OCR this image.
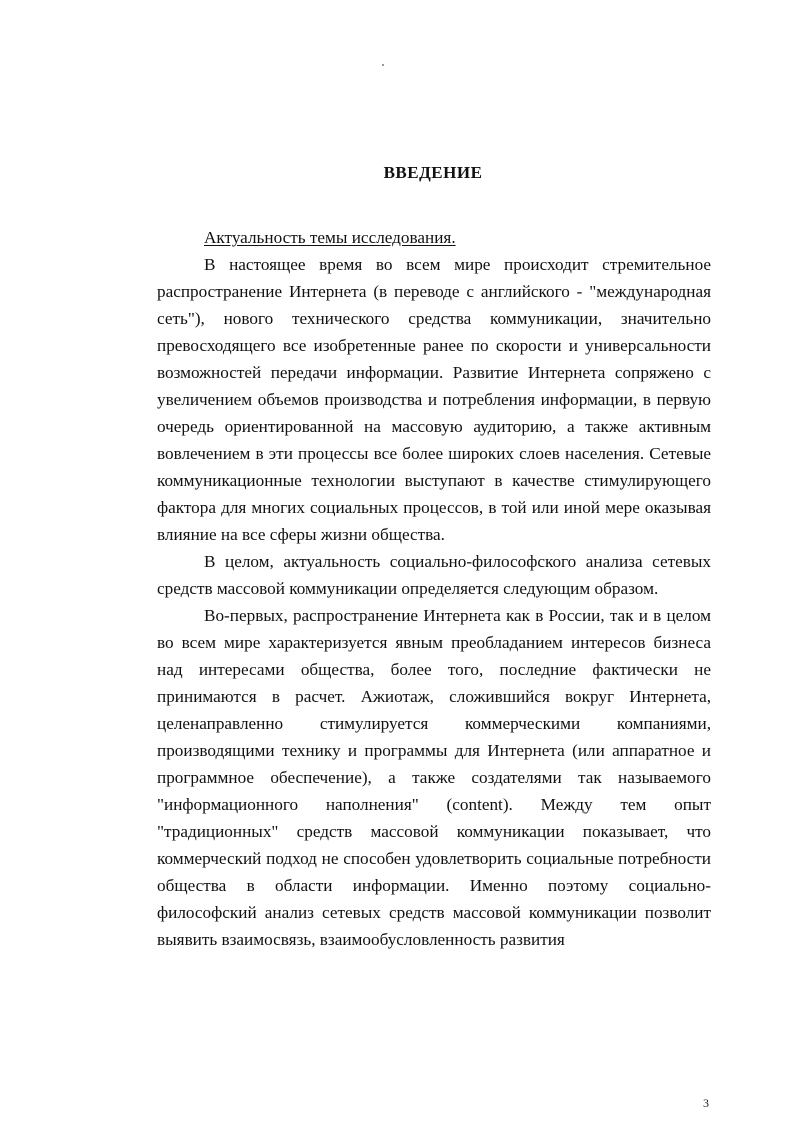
ВВЕДЕНИЕ

Актуальность темы исследования.

В настоящее время во всем мире происходит стремительное распространение Интернета (в переводе с английского - "международная сеть"), нового технического средства коммуникации, значительно превосходящего все изобретенные ранее по скорости и универсальности возможностей передачи информации. Развитие Интернета сопряжено с увеличением объемов производства и потребления информации, в первую очередь ориентированной на массовую аудиторию, а также активным вовлечением в эти процессы все более широких слоев населения. Сетевые коммуникационные технологии выступают в качестве стимулирующего фактора для многих социальных процессов, в той или иной мере оказывая влияние на все сферы жизни общества.

В целом, актуальность социально-философского анализа сетевых средств массовой коммуникации определяется следующим образом.

Во-первых, распространение Интернета как в России, так и в целом во всем мире характеризуется явным преобладанием интересов бизнеса над интересами общества, более того, последние фактически не принимаются в расчет. Ажиотаж, сложившийся вокруг Интернета, целенаправленно стимулируется коммерческими компаниями, производящими технику и программы для Интернета (или аппаратное и программное обеспечение), а также создателями так называемого "информационного наполнения" (content). Между тем опыт "традиционных" средств массовой коммуникации показывает, что коммерческий подход не способен удовлетворить социальные потребности общества в области информации. Именно поэтому социально-философский анализ сетевых средств массовой коммуникации позволит выявить взаимосвязь, взаимообусловленность развития

3
